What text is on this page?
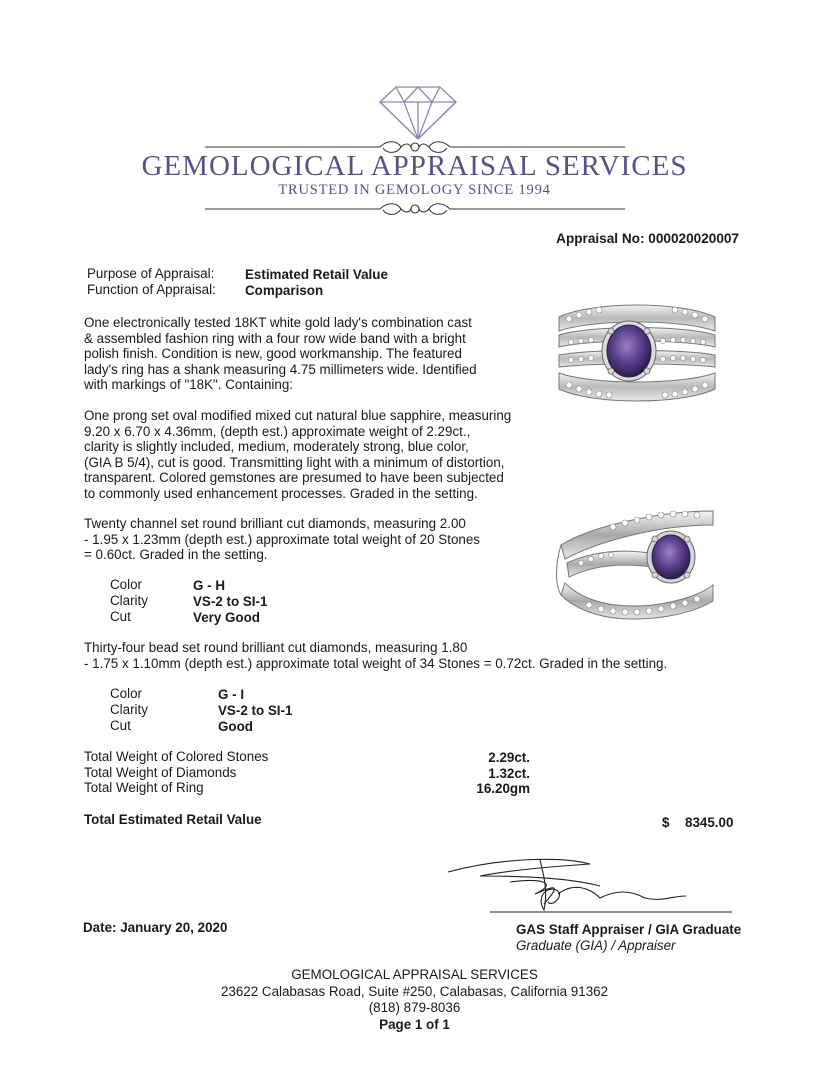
GEMOLOGICAL APPRAISAL SERVICES
TRUSTED IN GEMOLOGY SINCE 1994
Appraisal No: 000020020007
Purpose of Appraisal: Estimated Retail Value
Function of Appraisal: Comparison
One electronically tested 18KT white gold lady's combination cast
& assembled fashion ring with a four row wide band with a bright
polish finish. Condition is new, good workmanship. The featured
lady's ring has a shank measuring 4.75 millimeters wide. Identified
with markings of "18K". Containing:
One prong set oval modified mixed cut natural blue sapphire, measuring
9.20 x 6.70 x 4.36mm, (depth est.) approximate weight of 2.29ct.,
clarity is slightly included, medium, moderately strong, blue color,
(GIA B 5/4), cut is good. Transmitting light with a minimum of distortion,
transparent. Colored gemstones are presumed to have been subjected
to commonly used enhancement processes. Graded in the setting.
Twenty channel set round brilliant cut diamonds, measuring 2.00
- 1.95 x 1.23mm (depth est.) approximate total weight of 20 Stones
= 0.60ct. Graded in the setting.
Color
Clarity
Cut
G - H
VS-2 to SI-1
Very Good
Thirty-four bead set round brilliant cut diamonds, measuring 1.80
- 1.75 x 1.10mm (depth est.) approximate total weight of 34 Stones = 0.72ct. Graded in the setting.
Color
Clarity
Cut
G - I
VS-2 to SI-1
Good
Total Weight of Colored Stones
Total Weight of Diamonds
Total Weight of Ring
2.29ct.
1.32ct.
16.20gm
Total Estimated Retail Value	$ 8345.00
Date: January 20, 2020	GAS Staff Appraiser / GIA Graduate
Graduate (GIA) / Appraiser
GEMOLOGICAL APPRAISAL SERVICES
23622 Calabasas Road, Suite #250, Calabasas, California 91362
(818) 879-8036
Page 1 of 1
